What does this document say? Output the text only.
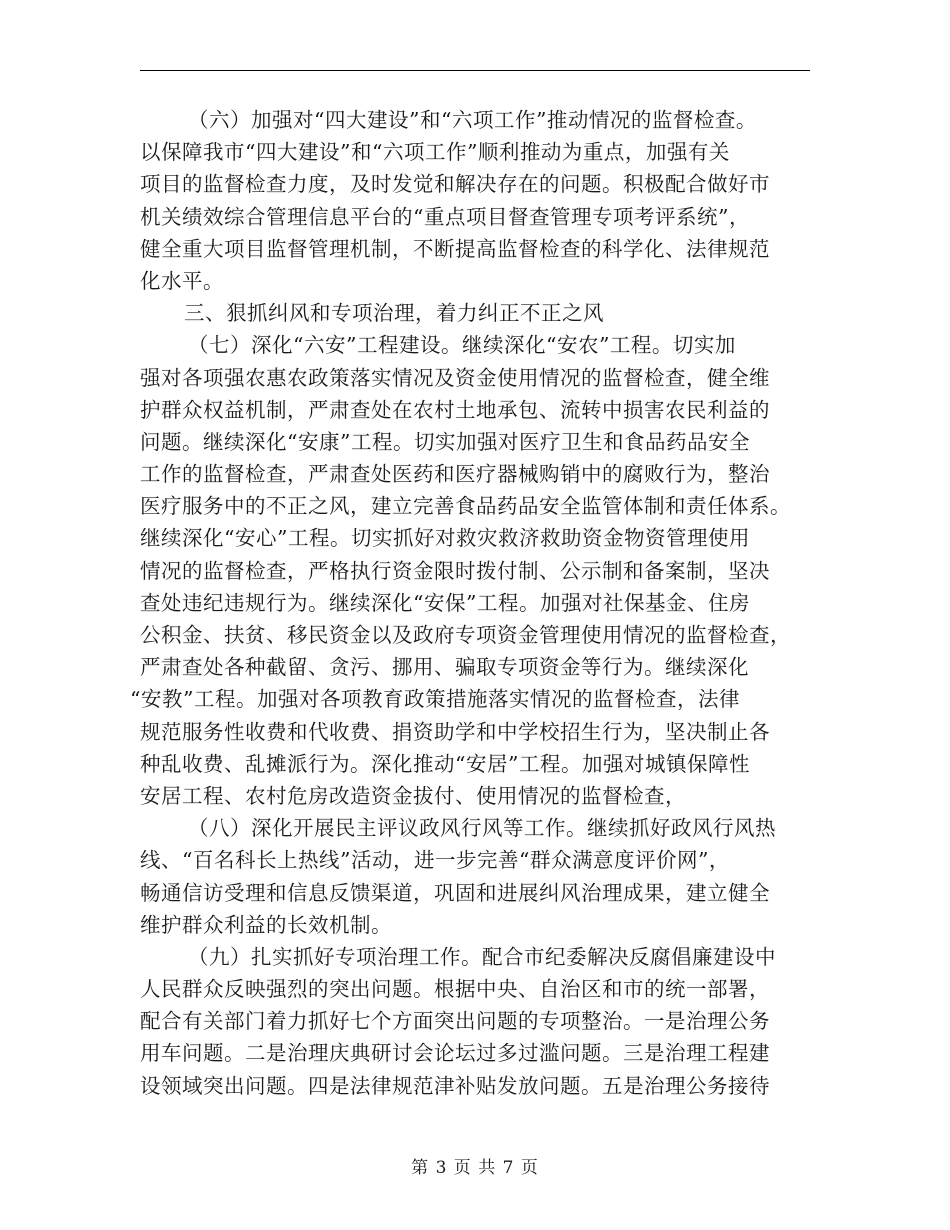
（六）加强对“四大建设”和“六项工作”推动情况的监督检查。
以保障我市“四大建设”和“六项工作”顺利推动为重点，加强有关
项目的监督检查力度，及时发觉和解决存在的问题。积极配合做好市
机关绩效综合管理信息平台的“重点项目督查管理专项考评系统”，
健全重大项目监督管理机制，不断提高监督检查的科学化、法律规范
化水平。
三、狠抓纠风和专项治理，着力纠正不正之风
（七）深化“六安”工程建设。继续深化“安农”工程。切实加
强对各项强农惠农政策落实情况及资金使用情况的监督检查，健全维
护群众权益机制，严肃查处在农村土地承包、流转中损害农民利益的
问题。继续深化“安康”工程。切实加强对医疗卫生和食品药品安全
工作的监督检查，严肃查处医药和医疗器械购销中的腐败行为，整治
医疗服务中的不正之风，建立完善食品药品安全监管体制和责任体系。
继续深化“安心”工程。切实抓好对救灾救济救助资金物资管理使用
情况的监督检查，严格执行资金限时拨付制、公示制和备案制，坚决
查处违纪违规行为。继续深化“安保”工程。加强对社保基金、住房
公积金、扶贫、移民资金以及政府专项资金管理使用情况的监督检查，
严肃查处各种截留、贪污、挪用、骗取专项资金等行为。继续深化
“安教”工程。加强对各项教育政策措施落实情况的监督检查，法律
规范服务性收费和代收费、捐资助学和中学校招生行为，坚决制止各
种乱收费、乱摊派行为。深化推动“安居”工程。加强对城镇保障性
安居工程、农村危房改造资金拔付、使用情况的监督检查，
（八）深化开展民主评议政风行风等工作。继续抓好政风行风热
线、“百名科长上热线”活动，进一步完善“群众满意度评价网”，
畅通信访受理和信息反馈渠道，巩固和进展纠风治理成果，建立健全
维护群众利益的长效机制。
（九）扎实抓好专项治理工作。配合市纪委解决反腐倡廉建设中
人民群众反映强烈的突出问题。根据中央、自治区和市的统一部署，
配合有关部门着力抓好七个方面突出问题的专项整治。一是治理公务
用车问题。二是治理庆典研讨会论坛过多过滥问题。三是治理工程建
设领域突出问题。四是法律规范津补贴发放问题。五是治理公务接待
第 3 页 共 7 页
